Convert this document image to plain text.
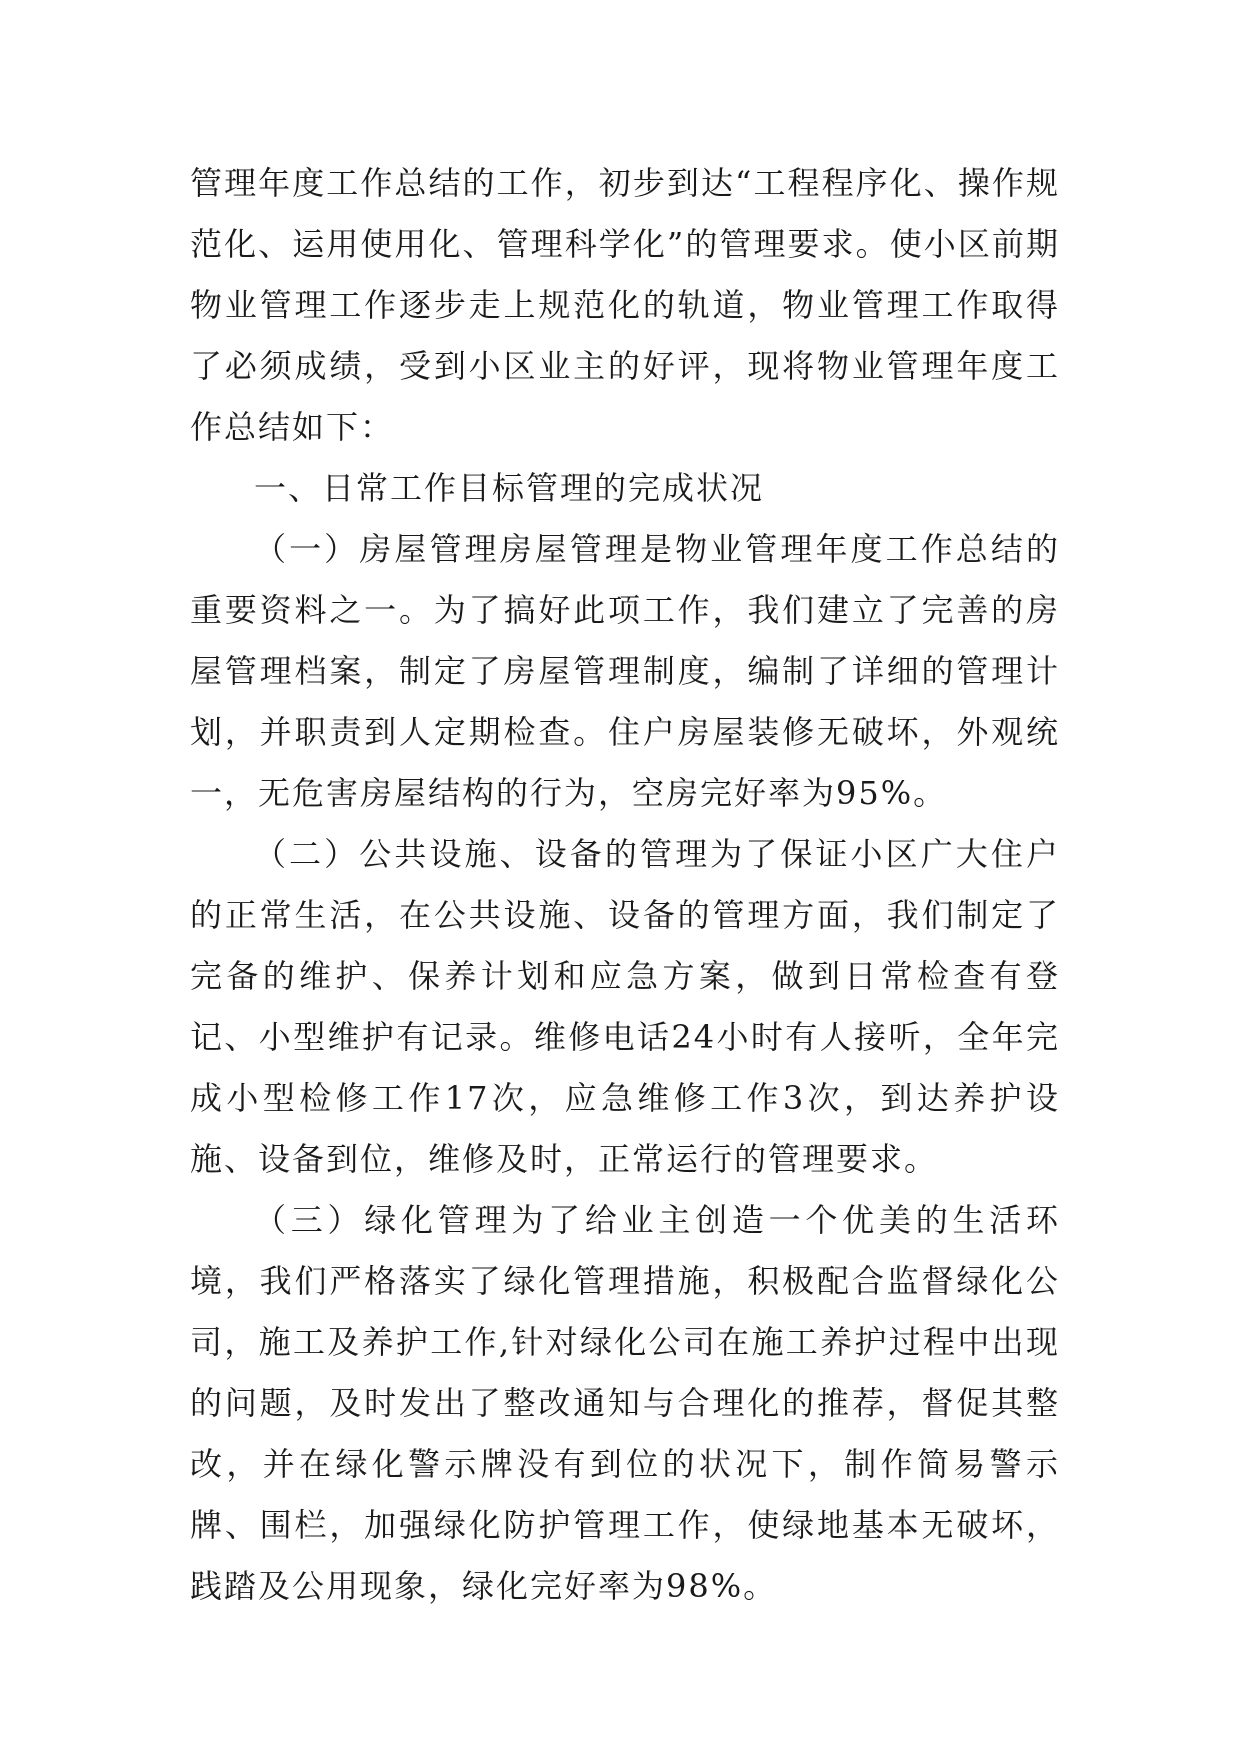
管理年度工作总结的工作，初步到达“工程程序化、操作规范化、运用使用化、管理科学化”的管理要求。使小区前期物业管理工作逐步走上规范化的轨道，物业管理工作取得了必须成绩，受到小区业主的好评，现将物业管理年度工作总结如下：

一、日常工作目标管理的完成状况

（一）房屋管理房屋管理是物业管理年度工作总结的重要资料之一。为了搞好此项工作，我们建立了完善的房屋管理档案，制定了房屋管理制度，编制了详细的管理计划，并职责到人定期检查。住户房屋装修无破坏，外观统一，无危害房屋结构的行为，空房完好率为95%。

（二）公共设施、设备的管理为了保证小区广大住户的正常生活，在公共设施、设备的管理方面，我们制定了完备的维护、保养计划和应急方案，做到日常检查有登记、小型维护有记录。维修电话24小时有人接听，全年完成小型检修工作17次，应急维修工作3次，到达养护设施、设备到位，维修及时，正常运行的管理要求。

（三）绿化管理为了给业主创造一个优美的生活环境，我们严格落实了绿化管理措施，积极配合监督绿化公司，施工及养护工作,针对绿化公司在施工养护过程中出现的问题，及时发出了整改通知与合理化的推荐，督促其整改，并在绿化警示牌没有到位的状况下，制作简易警示牌、围栏，加强绿化防护管理工作，使绿地基本无破坏，践踏及公用现象，绿化完好率为98%。
